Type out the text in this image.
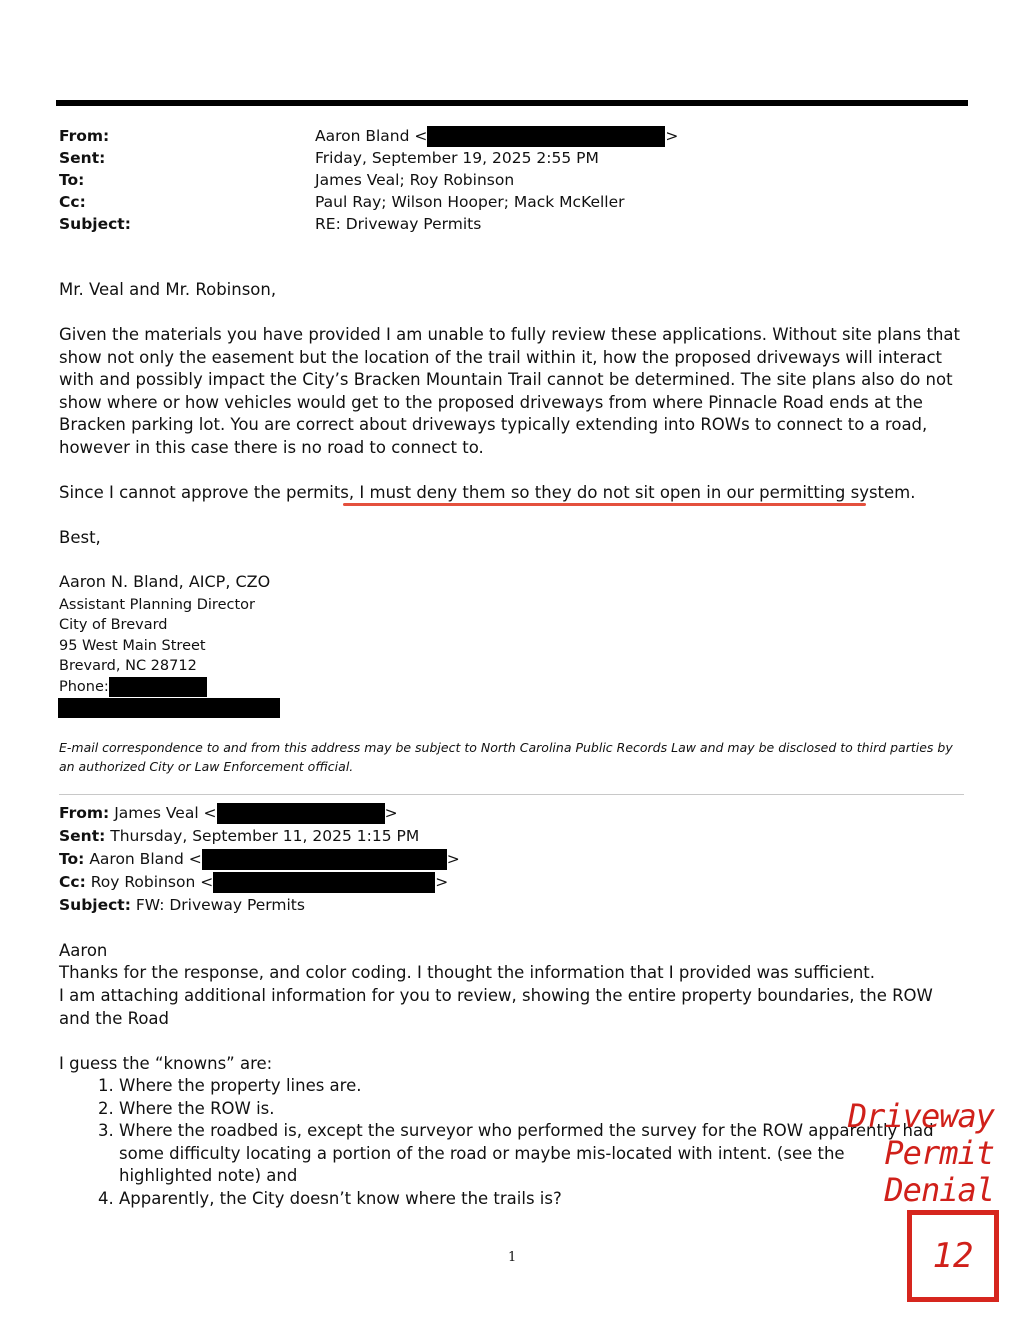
From:	Aaron Bland <	>
Sent:	Friday, September 19, 2025 2:55 PM
To:	James Veal; Roy Robinson
Cc:	Paul Ray; Wilson Hooper; Mack McKeller
Subject:	RE: Driveway Permits
Mr. Veal and Mr. Robinson,
Given the materials you have provided I am unable to fully review these applications. Without site plans that show not only the easement but the location of the trail within it, how the proposed driveways will interact with and possibly impact the City’s Bracken Mountain Trail cannot be determined. The site plans also do not show where or how vehicles would get to the proposed driveways from where Pinnacle Road ends at the Bracken parking lot. You are correct about driveways typically extending into ROWs to connect to a road, however in this case there is no road to connect to.
Since I cannot approve the permits, I must deny them so they do not sit open in our permitting system.
Best,
Aaron N. Bland, AICP, CZO
Assistant Planning Director
City of Brevard
95 West Main Street
Brevard, NC 28712
Phone:
E-mail correspondence to and from this address may be subject to North Carolina Public Records Law and may be disclosed to third parties by an authorized City or Law Enforcement official.
From: James Veal <	>
Sent: Thursday, September 11, 2025 1:15 PM
To: Aaron Bland <	>
Cc: Roy Robinson <	>
Subject: FW: Driveway Permits
Aaron
Thanks for the response, and color coding. I thought the information that I provided was sufficient.
I am attaching additional information for you to review, showing the entire property boundaries, the ROW and the Road
I guess the “knowns” are:
1. Where the property lines are.
2. Where the ROW is.
3. Where the roadbed is, except the surveyor who performed the survey for the ROW apparently had some difficulty locating a portion of the road or maybe mis-located with intent. (see the highlighted note) and
4. Apparently, the City doesn’t know where the trails is?
1
Driveway
Permit
Denial
12
